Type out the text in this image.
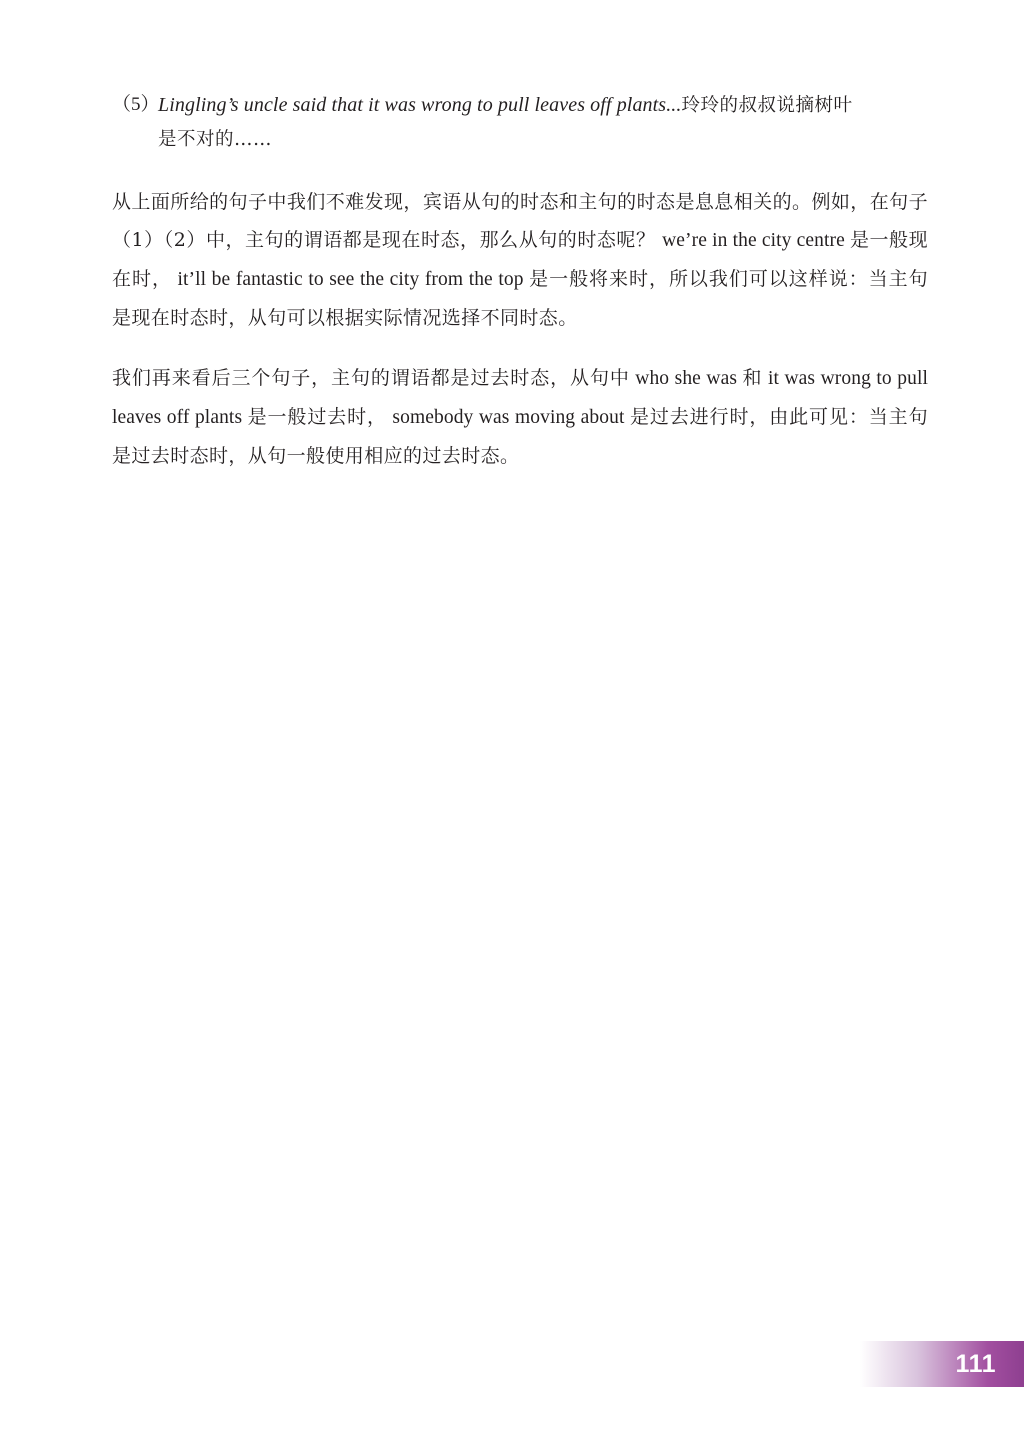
（5）
Lingling’s uncle said that it was wrong to pull leaves off plants...玲玲的叔叔说摘树叶
是不对的……

从上面所给的句子中我们不难发现，宾语从句的时态和主句的时态是息息相关的。例如，在句子（1）（2）中，主句的谓语都是现在时态，那么从句的时态呢？ we’re in the city centre 是一般现在时， it’ll be fantastic to see the city from the top 是一般将来时，所以我们可以这样说：当主句是现在时态时，从句可以根据实际情况选择不同时态。

我们再来看后三个句子，主句的谓语都是过去时态，从句中 who she was 和 it was wrong to pull leaves off plants 是一般过去时， somebody was moving about 是过去进行时，由此可见：当主句是过去时态时，从句一般使用相应的过去时态。

111
